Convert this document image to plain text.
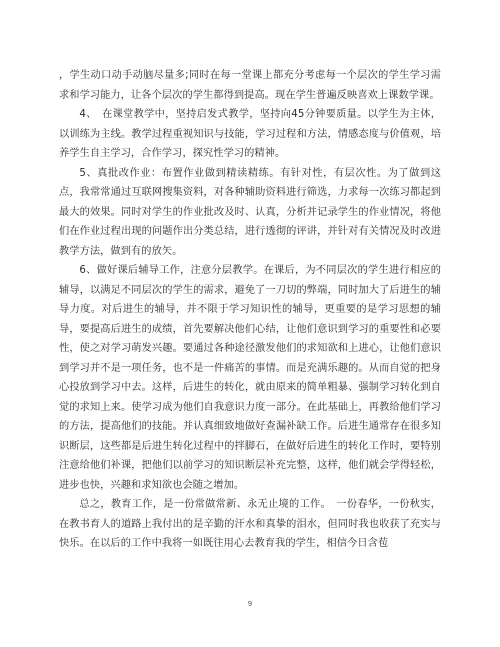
，学生动口动手动脑尽量多;同时在每一堂课上都充分考虑每一个层次的学生学习需求和学习能力，让各个层次的学生都得到提高。现在学生普遍反映喜欢上课数学课。

4、　在课堂教学中，坚持启发式教学，坚持向45分钟要质量。以学生为主体，以训练为主线。教学过程重视知识与技能，学习过程和方法，情感态度与价值观，培养学生自主学习，合作学习，探究性学习的精神。

5、真批改作业：布置作业做到精读精练。有针对性，有层次性。为了做到这点，我常常通过互联网搜集资料，对各种辅助资料进行筛选，力求每一次练习都起到最大的效果。同时对学生的作业批改及时、认真，分析并记录学生的作业情况，将他们在作业过程出现的问题作出分类总结，进行透彻的评讲，并针对有关情况及时改进教学方法，做到有的放矢。

6、做好课后辅导工作，注意分层教学。在课后，为不同层次的学生进行相应的辅导，以满足不同层次的学生的需求，避免了一刀切的弊端，同时加大了后进生的辅导力度。对后进生的辅导，并不限于学习知识性的辅导，更重要的是学习思想的辅导，要提高后进生的成绩，首先要解决他们心结，让他们意识到学习的重要性和必要性，使之对学习萌发兴趣。要通过各种途径激发他们的求知欲和上进心，让他们意识到学习并不是一项任务，也不是一件痛苦的事情。而是充满乐趣的。从而自觉的把身心投放到学习中去。这样，后进生的转化，就由原来的简单粗暴、强制学习转化到自觉的求知上来。使学习成为他们自我意识力度一部分。在此基础上，再教给他们学习的方法，提高他们的技能。并认真细致地做好查漏补缺工作。后进生通常存在很多知识断层，这些都是后进生转化过程中的拌脚石，在做好后进生的转化工作时，要特别注意给他们补课，把他们以前学习的知识断层补充完整，这样，他们就会学得轻松，进步也快，兴趣和求知欲也会随之增加。

总之，教育工作，是一份常做常新、永无止境的工作。　一份春华，一份秋实，在教书育人的道路上我付出的是辛勤的汗水和真挚的泪水，但同时我也收获了充实与快乐。在以后的工作中我将一如既往用心去教育我的学生，相信今日含苞

9
